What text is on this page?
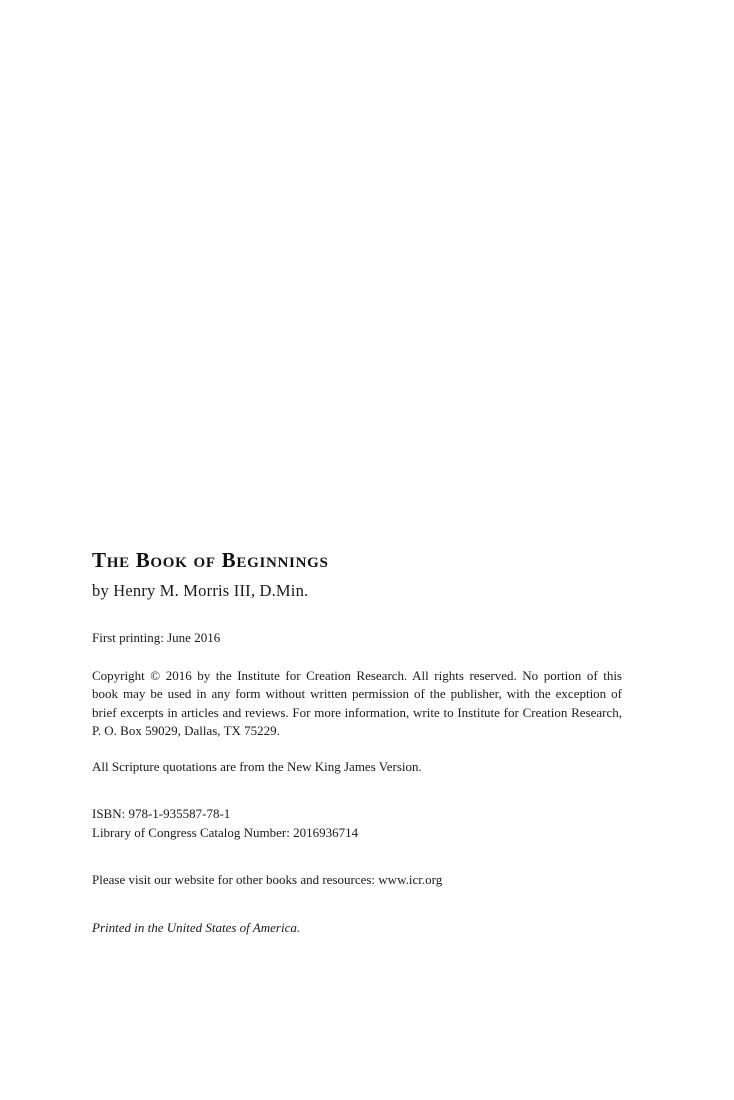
The Book of Beginnings

by Henry M. Morris III, D.Min.

First printing: June 2016

Copyright © 2016 by the Institute for Creation Research. All rights reserved. No portion of this
book may be used in any form without written permission of the publisher, with the exception of
brief excerpts in articles and reviews. For more information, write to Institute for Creation Research,
P. O. Box 59029, Dallas, TX 75229.

All Scripture quotations are from the New King James Version.

ISBN: 978-1-935587-78-1

Library of Congress Catalog Number: 2016936714

Please visit our website for other books and resources: www.icr.org

Printed in the United States of America.
